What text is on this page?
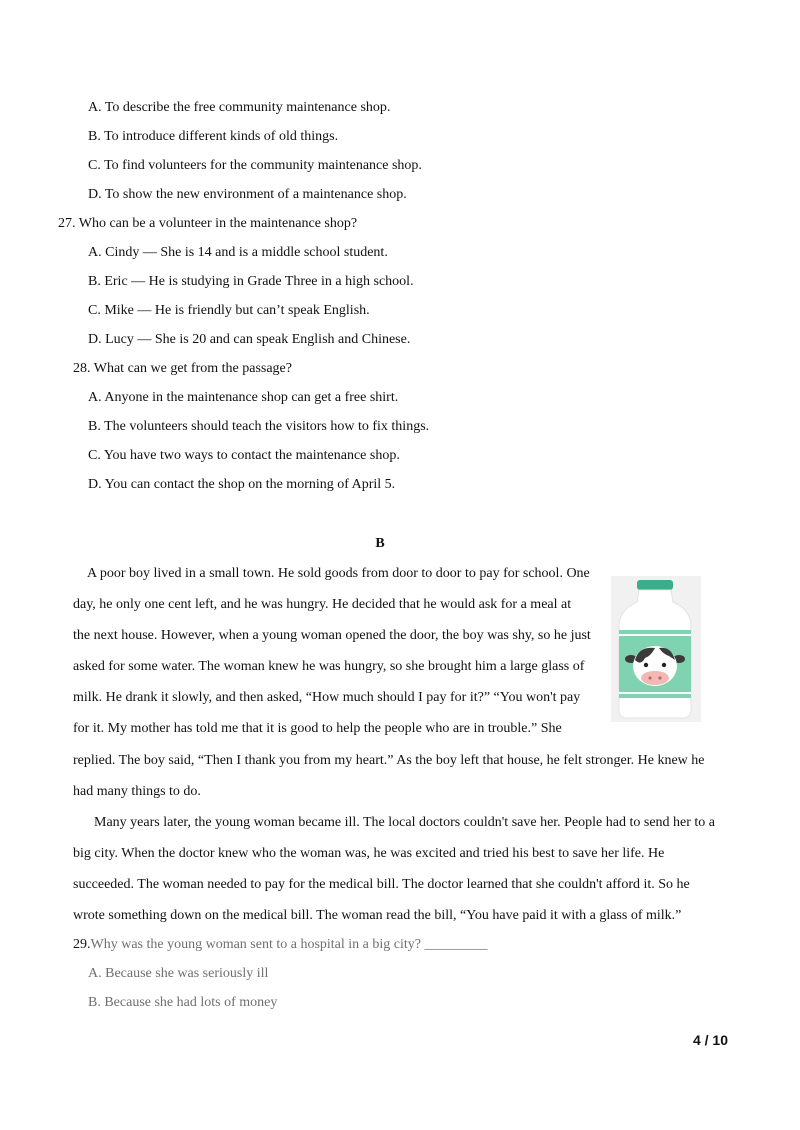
A. To describe the free community maintenance shop.
B. To introduce different kinds of old things.
C. To find volunteers for the community maintenance shop.
D. To show the new environment of a maintenance shop.
27. Who can be a volunteer in the maintenance shop?
A. Cindy — She is 14 and is a middle school student.
B. Eric — He is studying in Grade Three in a high school.
C. Mike — He is friendly but can’t speak English.
D. Lucy — She is 20 and can speak English and Chinese.
28. What can we get from the passage?
A. Anyone in the maintenance shop can get a free shirt.
B. The volunteers should teach the visitors how to fix things.
C. You have two ways to contact the maintenance shop.
D. You can contact the shop on the morning of April 5.
B
A poor boy lived in a small town. He sold goods from door to door to pay for school. One
day, he only one cent left, and he was hungry. He decided that he would ask for a meal at
the next house. However, when a young woman opened the door, the boy was shy, so he just
asked for some water. The woman knew he was hungry, so she brought him a large glass of
milk. He drank it slowly, and then asked, “How much should I pay for it?” “You won't pay
for it. My mother has told me that it is good to help the people who are in trouble.” She
replied. The boy said, “Then I thank you from my heart.” As the boy left that house, he felt stronger. He knew he
had many things to do.
Many years later, the young woman became ill. The local doctors couldn't save her. People had to send her to a
big city. When the doctor knew who the woman was, he was excited and tried his best to save her life. He
succeeded. The woman needed to pay for the medical bill. The doctor learned that she couldn't afford it. So he
wrote something down on the medical bill. The woman read the bill, “You have paid it with a glass of milk.”
29.Why was the young woman sent to a hospital in a big city? _________
A. Because she was seriously ill
B. Because she had lots of money
4 / 10
